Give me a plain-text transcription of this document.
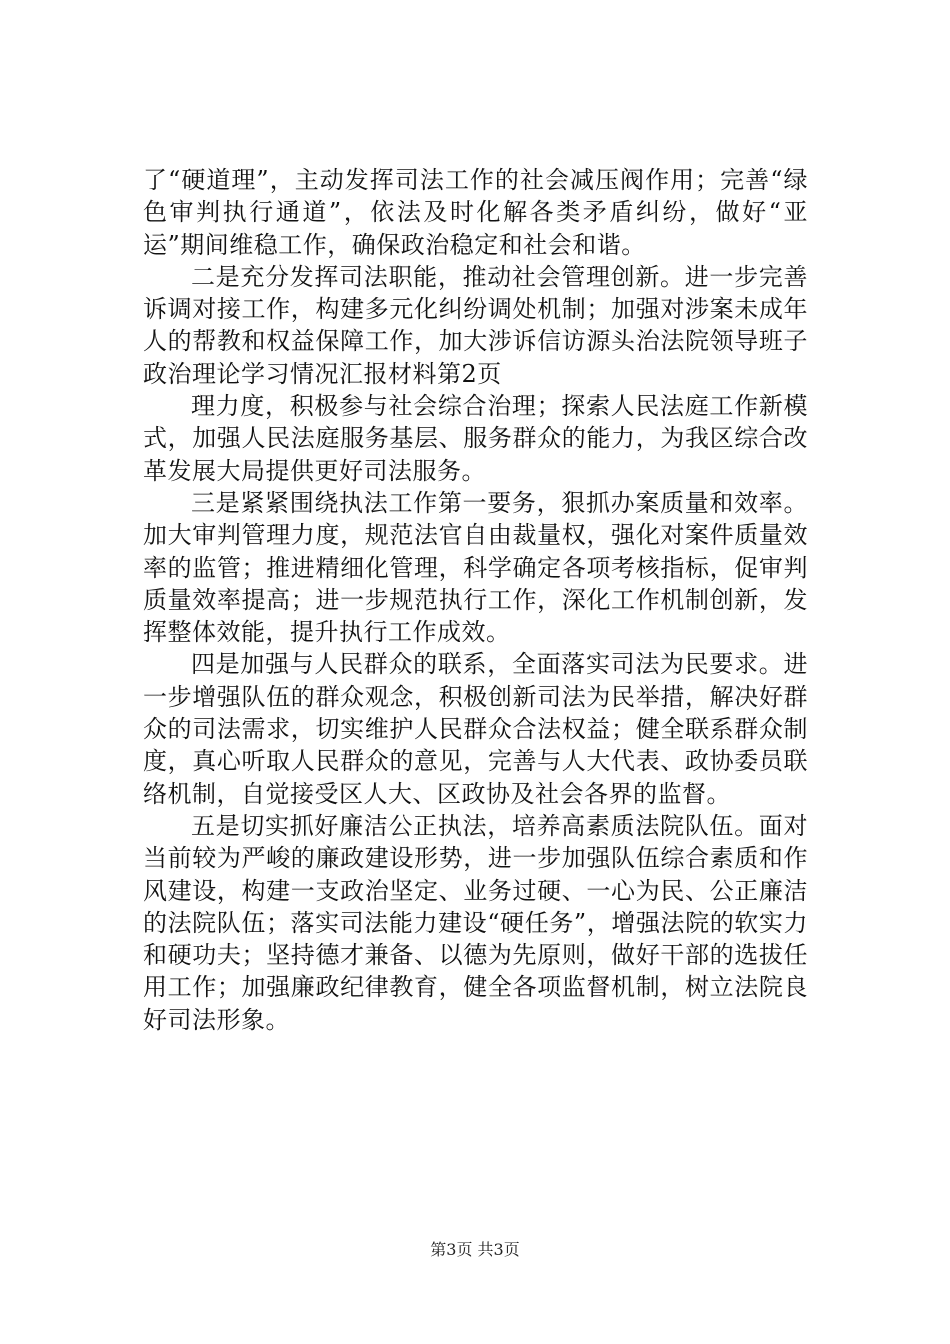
了“硬道理”，主动发挥司法工作的社会减压阀作用；完善“绿色审判执行通道”，依法及时化解各类矛盾纠纷，做好“亚运”期间维稳工作，确保政治稳定和社会和谐。

二是充分发挥司法职能，推动社会管理创新。进一步完善诉调对接工作，构建多元化纠纷调处机制；加强对涉案未成年人的帮教和权益保障工作，加大涉诉信访源头治法院领导班子政治理论学习情况汇报材料第2页

理力度，积极参与社会综合治理；探索人民法庭工作新模式，加强人民法庭服务基层、服务群众的能力，为我区综合改革发展大局提供更好司法服务。

三是紧紧围绕执法工作第一要务，狠抓办案质量和效率。加大审判管理力度，规范法官自由裁量权，强化对案件质量效率的监管；推进精细化管理，科学确定各项考核指标，促审判质量效率提高；进一步规范执行工作，深化工作机制创新，发挥整体效能，提升执行工作成效。

四是加强与人民群众的联系，全面落实司法为民要求。进一步增强队伍的群众观念，积极创新司法为民举措，解决好群众的司法需求，切实维护人民群众合法权益；健全联系群众制度，真心听取人民群众的意见，完善与人大代表、政协委员联络机制，自觉接受区人大、区政协及社会各界的监督。

五是切实抓好廉洁公正执法，培养高素质法院队伍。面对当前较为严峻的廉政建设形势，进一步加强队伍综合素质和作风建设，构建一支政治坚定、业务过硬、一心为民、公正廉洁的法院队伍；落实司法能力建设“硬任务”，增强法院的软实力和硬功夫；坚持德才兼备、以德为先原则，做好干部的选拔任用工作；加强廉政纪律教育，健全各项监督机制，树立法院良好司法形象。

第3页 共3页
